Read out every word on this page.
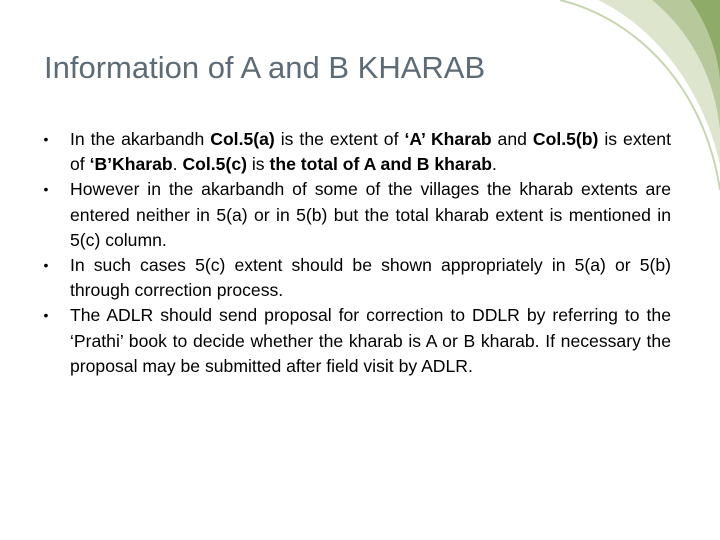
Information of A and B KHARAB
• In the akarbandh Col.5(a) is the extent of ‘A’ Kharab and Col.5(b) is extent of ‘B’Kharab. Col.5(c) is the total of A and B kharab.
• However in the akarbandh of some of the villages the kharab extents are entered neither in 5(a) or in 5(b) but the total kharab extent is mentioned in 5(c) column.
• In such cases 5(c) extent should be shown appropriately in 5(a) or 5(b) through correction process.
• The ADLR should send proposal for correction to DDLR by referring to the ‘Prathi’ book to decide whether the kharab is A or B kharab. If necessary the proposal may be submitted after field visit by ADLR.
